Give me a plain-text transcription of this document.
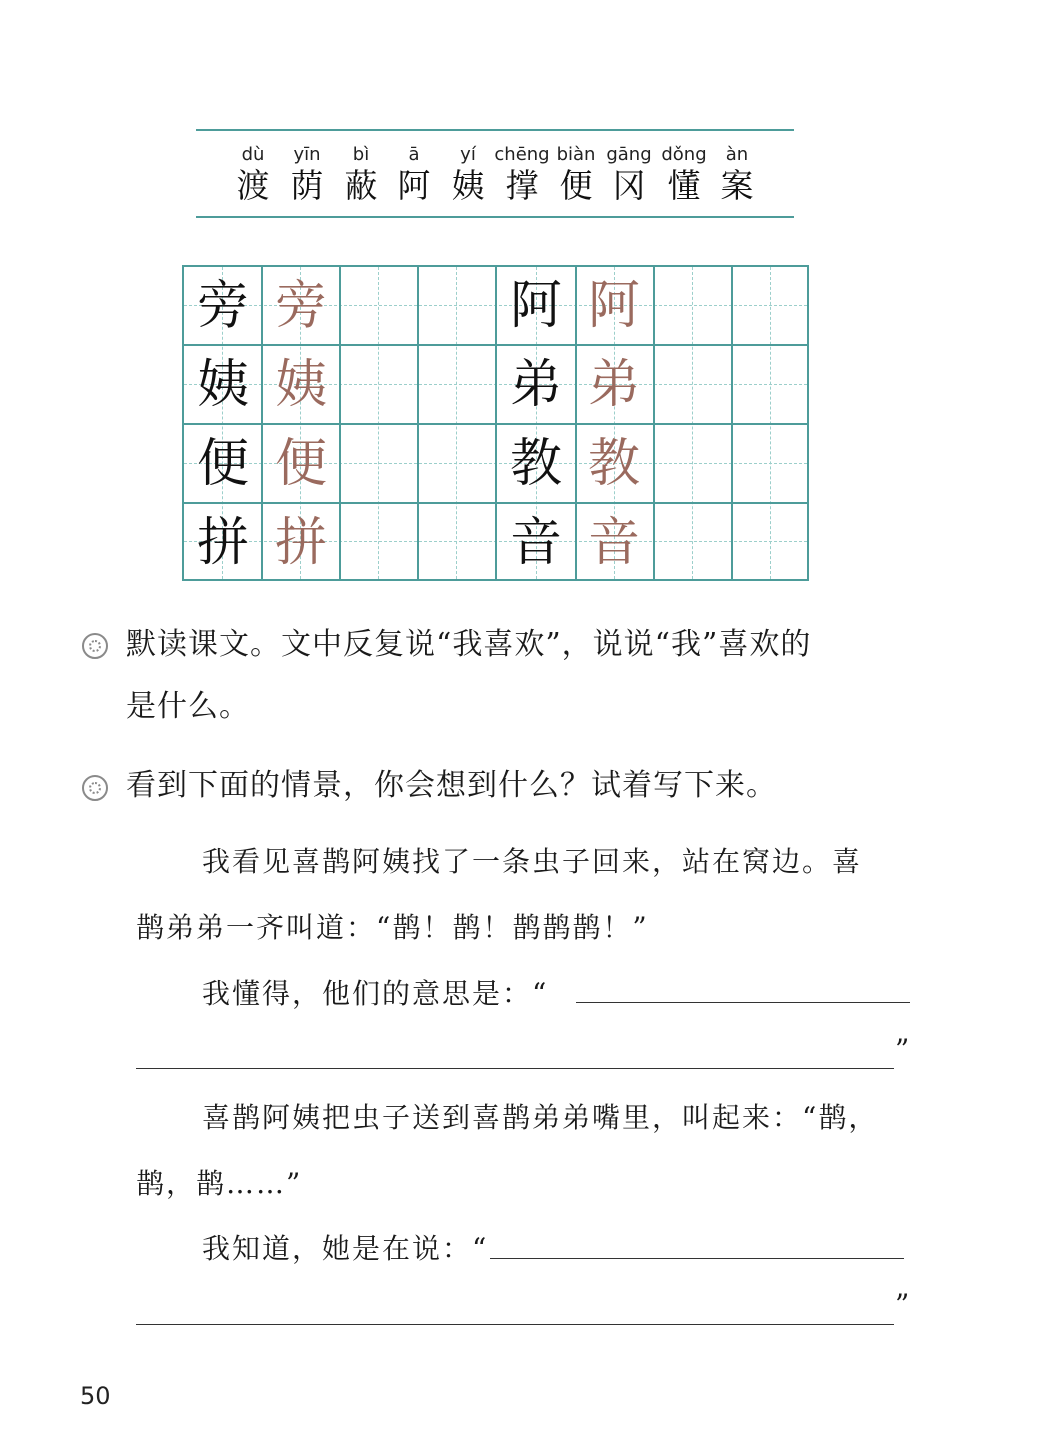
dù
渡
yīn
荫
bì
蔽
ā
阿
yí
姨
chēng
撑
biàn
便
gāng
冈
dǒng
懂
àn
案
旁 旁
姨 姨
便 便
拼 拼
阿 阿
弟 弟
教 教
音 音
默读课文。文中反复说“我喜欢”，说说“我”喜欢的
是什么。
看到下面的情景，你会想到什么？试着写下来。
我看见喜鹊阿姨找了一条虫子回来，站在窝边。喜
鹊弟弟一齐叫道：“鹊！鹊！鹊鹊鹊！”
我懂得，他们的意思是：“
”
喜鹊阿姨把虫子送到喜鹊弟弟嘴里，叫起来：“鹊，
鹊，鹊……”
我知道，她是在说：“
”
50
